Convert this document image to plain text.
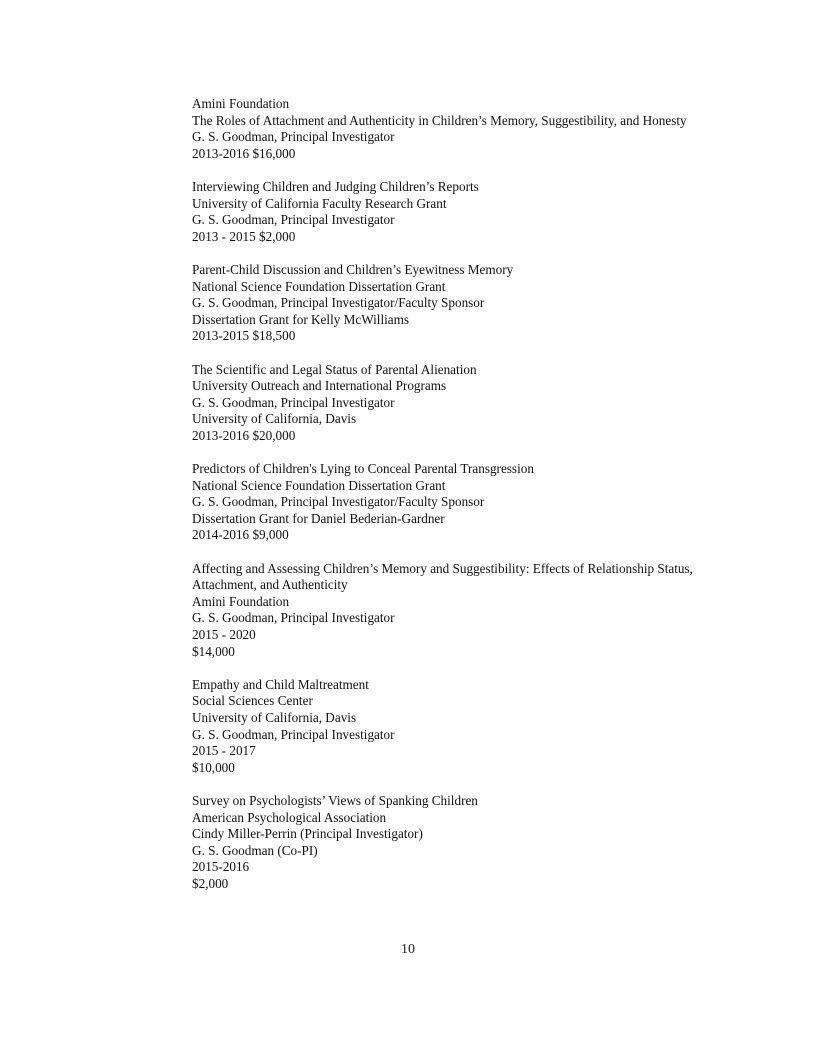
Amini Foundation
The Roles of Attachment and Authenticity in Children’s Memory, Suggestibility, and Honesty
G. S. Goodman, Principal Investigator
2013-2016 $16,000
Interviewing Children and Judging Children’s Reports
University of California Faculty Research Grant
G. S. Goodman, Principal Investigator
2013 - 2015 $2,000
Parent-Child Discussion and Children’s Eyewitness Memory
National Science Foundation Dissertation Grant
G. S. Goodman, Principal Investigator/Faculty Sponsor
Dissertation Grant for Kelly McWilliams
2013-2015 $18,500
The Scientific and Legal Status of Parental Alienation
University Outreach and International Programs
G. S. Goodman, Principal Investigator
University of California, Davis
2013-2016 $20,000
Predictors of Children's Lying to Conceal Parental Transgression
National Science Foundation Dissertation Grant
G. S. Goodman, Principal Investigator/Faculty Sponsor
Dissertation Grant for Daniel Bederian-Gardner
2014-2016 $9,000
Affecting and Assessing Children’s Memory and Suggestibility: Effects of Relationship Status, Attachment, and Authenticity
Amini Foundation
G. S. Goodman, Principal Investigator
2015 - 2020
$14,000
Empathy and Child Maltreatment
Social Sciences Center
University of California, Davis
G. S. Goodman, Principal Investigator
2015 - 2017
$10,000
Survey on Psychologists’ Views of Spanking Children
American Psychological Association
Cindy Miller-Perrin (Principal Investigator)
G. S. Goodman (Co-PI)
2015-2016
$2,000
10
